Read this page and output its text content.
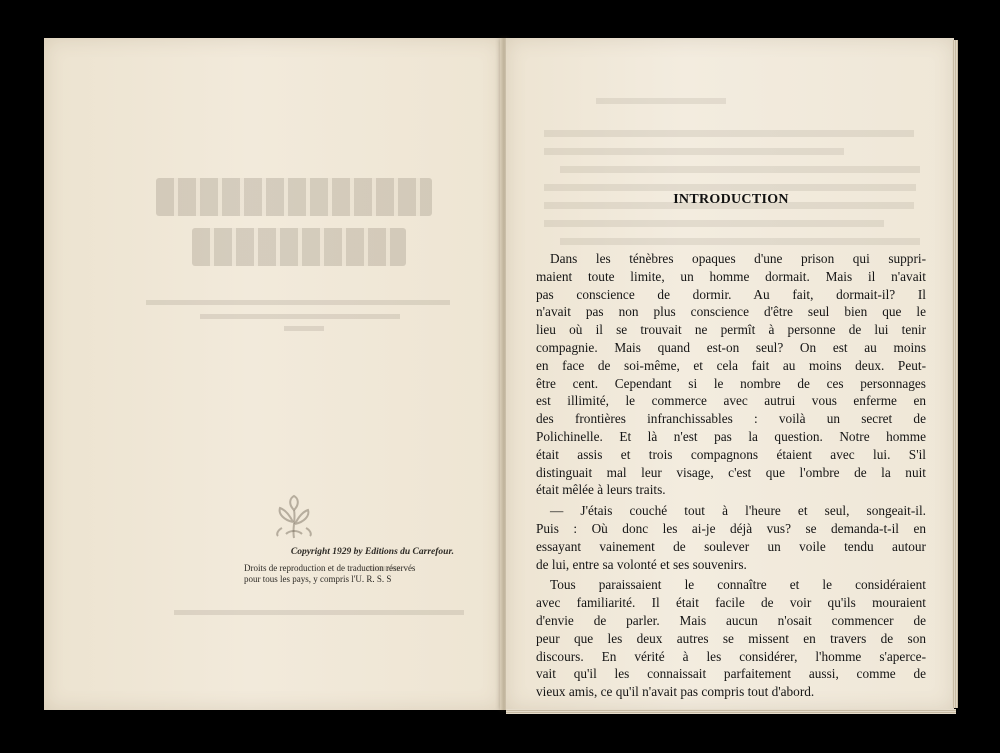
Copyright 1929 by Editions du Carrefour.
Droits de reproduction et de traduction réservés
pour tous les pays, y compris l'U. R. S. S
INTRODUCTION
Dans les ténèbres opaques d'une prison qui suppri-
maient toute limite, un homme dormait. Mais il n'avait
pas conscience de dormir. Au fait, dormait-il? Il
n'avait pas non plus conscience d'être seul bien que le
lieu où il se trouvait ne permît à personne de lui tenir
compagnie. Mais quand est-on seul? On est au moins
en face de soi-même, et cela fait au moins deux. Peut-
être cent. Cependant si le nombre de ces personnages
est illimité, le commerce avec autrui vous enferme en
des frontières infranchissables : voilà un secret de
Polichinelle. Et là n'est pas la question. Notre homme
était assis et trois compagnons étaient avec lui. S'il
distinguait mal leur visage, c'est que l'ombre de la nuit
était mêlée à leurs traits.
— J'étais couché tout à l'heure et seul, songeait-il.
Puis : Où donc les ai-je déjà vus? se demanda-t-il en
essayant vainement de soulever un voile tendu autour
de lui, entre sa volonté et ses souvenirs.
Tous paraissaient le connaître et le considéraient
avec familiarité. Il était facile de voir qu'ils mouraient
d'envie de parler. Mais aucun n'osait commencer de
peur que les deux autres se missent en travers de son
discours. En vérité à les considérer, l'homme s'aperce-
vait qu'il les connaissait parfaitement aussi, comme de
vieux amis, ce qu'il n'avait pas compris tout d'abord.
